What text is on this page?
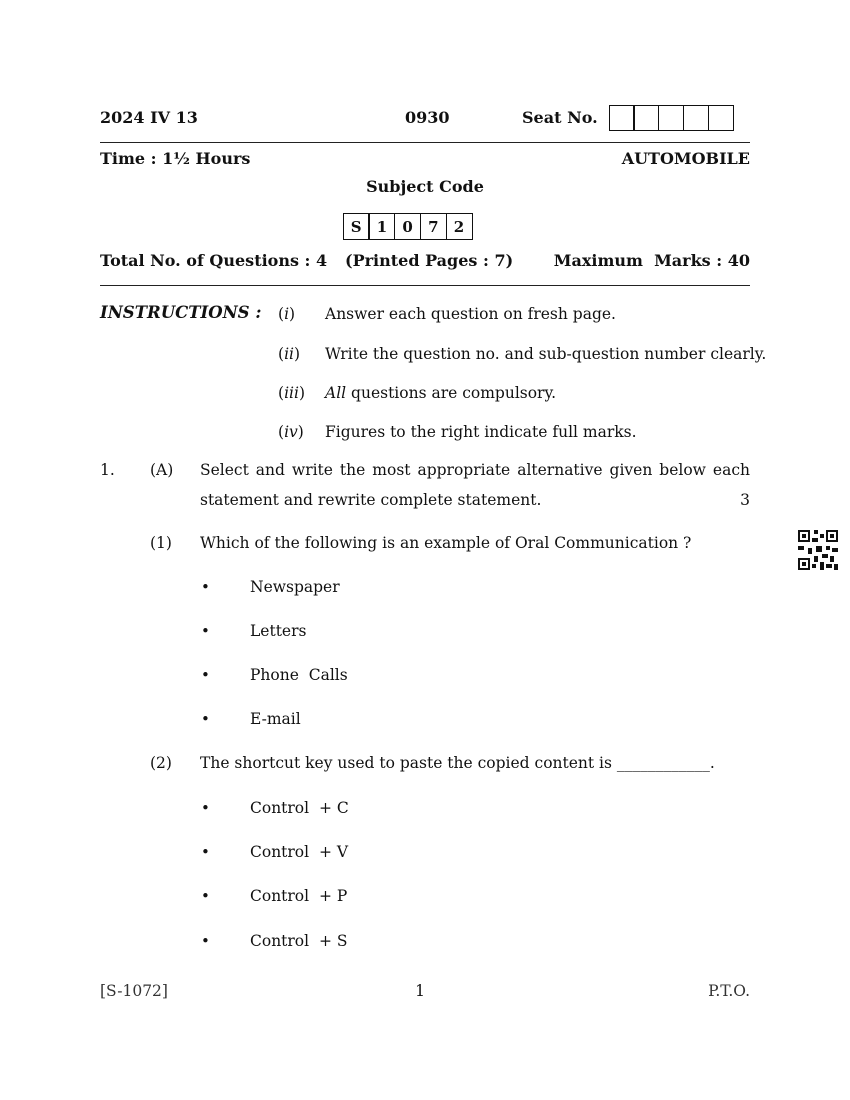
2024 IV 13	0930	Seat No.
Time : 1½ Hours	AUTOMOBILE
Subject Code
S	1	0	7	2
Total No. of Questions : 4 (Printed Pages : 7)	Maximum  Marks : 40
INSTRUCTIONS : (i) Answer each question on fresh page.
(ii) Write the question no. and sub-question number clearly.
(iii) All questions are compulsory.
(iv) Figures to the right indicate full marks.
1. (A) Select and write the most appropriate alternative given below each
statement and rewrite complete statement.	3
(1) Which of the following is an example of Oral Communication ?
•	Newspaper
•	Letters
•	Phone  Calls
•	E-mail
(2) The shortcut key used to paste the copied content is ____________.
•	Control  + C
•	Control  + V
•	Control  + P
•	Control  + S
[S-1072]	1	P.T.O.
